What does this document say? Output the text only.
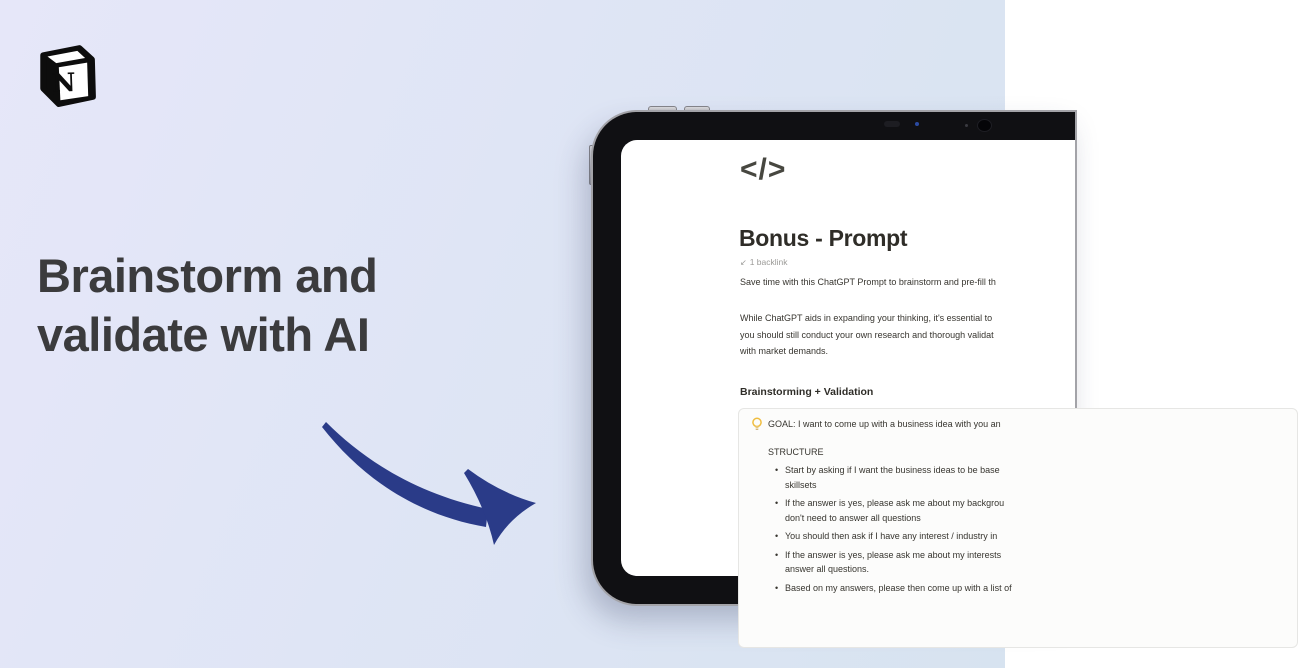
N
Brainstorm and
validate with AI
</>
Bonus - Prompt
↙ 1 backlink
Save time with this ChatGPT Prompt to brainstorm and pre-fill th
While ChatGPT aids in expanding your thinking, it's essential to
you should still conduct your own research and thorough validat
with market demands.
Brainstorming + Validation
GOAL: I want to come up with a business idea with you an
STRUCTURE
• Start by asking if I want the business ideas to be base
skillsets
• If the answer is yes, please ask me about my backgrou
don't need to answer all questions
• You should then ask if I have any interest / industry in
• If the answer is yes, please ask me about my interests
answer all questions.
• Based on my answers, please then come up with a list of
